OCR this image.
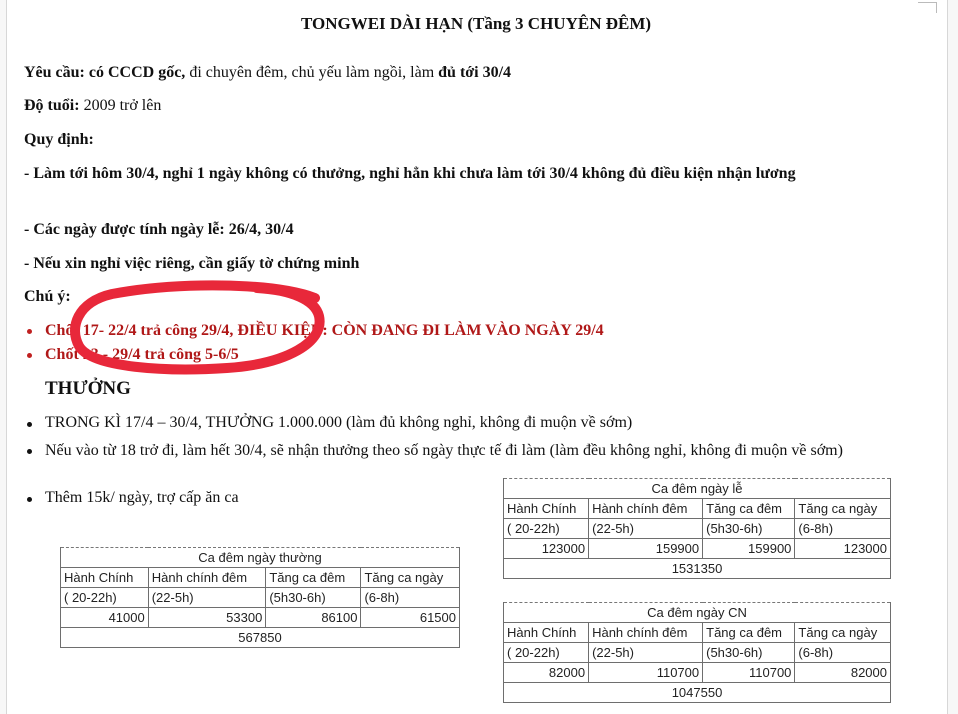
TONGWEI DÀI HẠN (Tầng 3 CHUYÊN ĐÊM)
Yêu cầu: có CCCD gốc, đi chuyên đêm, chủ yếu làm ngồi, làm đủ tới 30/4
Độ tuổi: 2009 trở lên
Quy định:
- Làm tới hôm 30/4, nghỉ 1 ngày không có thưởng, nghỉ hẳn khi chưa làm tới 30/4 không đủ điều kiện nhận lương
- Các ngày được tính ngày lễ: 26/4, 30/4
- Nếu xin nghỉ việc riêng, cần giấy tờ chứng minh
Chú ý:
Chốt 17- 22/4 trả công 29/4, ĐIỀU KIỆN: CÒN ĐANG ĐI LÀM VÀO NGÀY 29/4
Chốt 23 - 29/4 trả công 5-6/5
THƯỞNG
TRONG KÌ 17/4 – 30/4, THƯỞNG 1.000.000 (làm đủ không nghỉ, không đi muộn về sớm)
Nếu vào từ 18 trở đi, làm hết 30/4, sẽ nhận thưởng theo số ngày thực tế đi làm (làm đều không nghỉ, không đi muộn về sớm)
Thêm 15k/ ngày, trợ cấp ăn ca
Ca đêm ngày thường			
Hành Chính	Hành chính đêm	Tăng ca đêm	Tăng ca ngày
( 20-22h)	(22-5h)	(5h30-6h)	(6-8h)
41000	53300	86100	61500
567850			
Ca đêm ngày lễ			
Hành Chính	Hành chính đêm	Tăng ca đêm	Tăng ca ngày
( 20-22h)	(22-5h)	(5h30-6h)	(6-8h)
123000	159900	159900	123000
1531350			
Ca đêm ngày CN			
Hành Chính	Hành chính đêm	Tăng ca đêm	Tăng ca ngày
( 20-22h)	(22-5h)	(5h30-6h)	(6-8h)
82000	110700	110700	82000
1047550			
